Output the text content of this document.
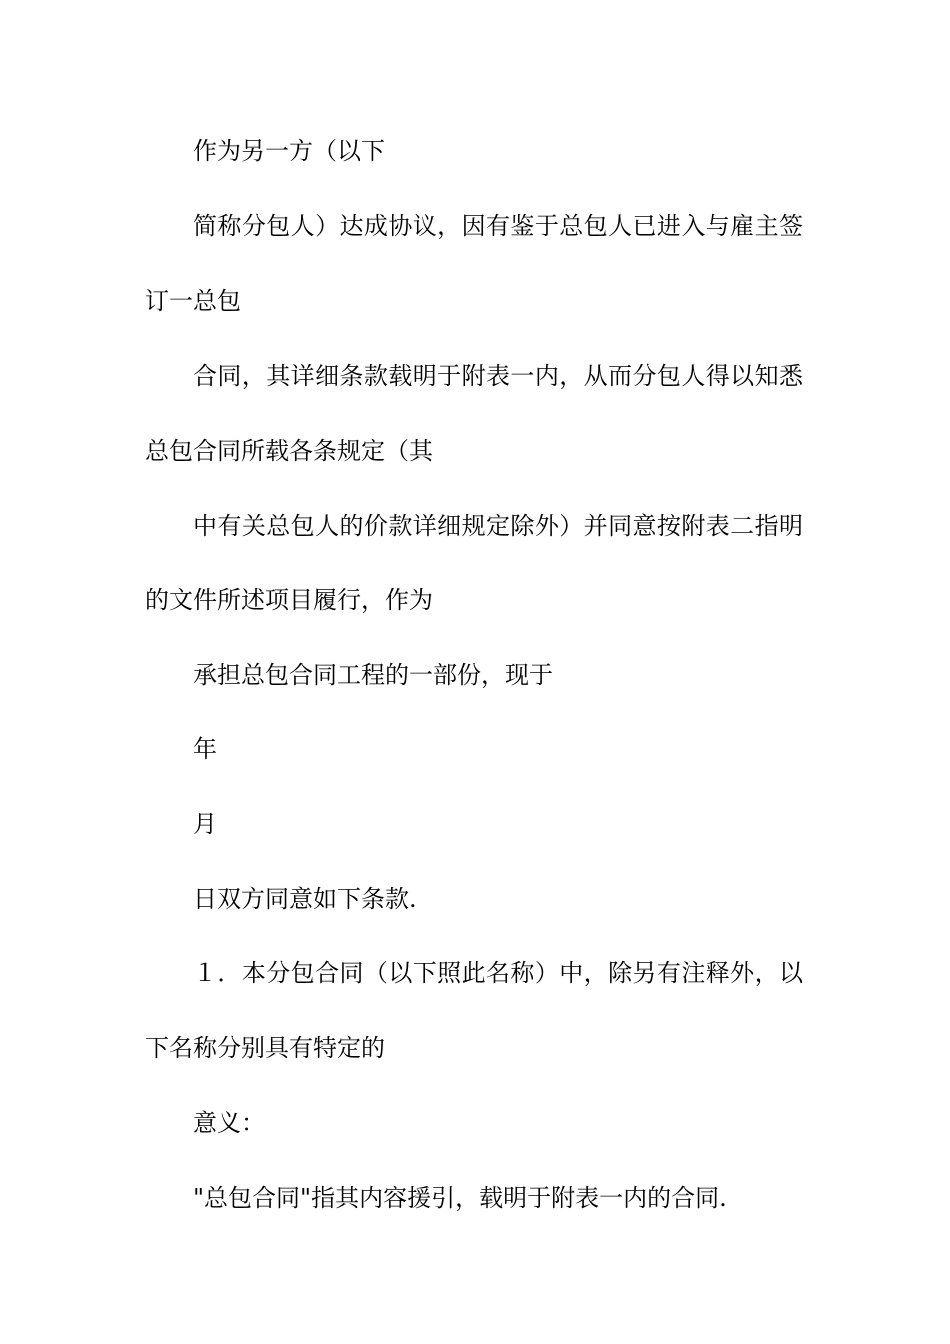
作为另一方（以下
简称分包人）达成协议，因有鉴于总包人已进入与雇主签
订一总包
合同，其详细条款载明于附表一内，从而分包人得以知悉
总包合同所载各条规定（其
中有关总包人的价款详细规定除外）并同意按附表二指明
的文件所述项目履行，作为
承担总包合同工程的一部份，现于
年
月
日双方同意如下条款.
１．本分包合同（以下照此名称）中，除另有注释外，以
下名称分别具有特定的
意义：
"总包合同"指其内容援引，载明于附表一内的合同.
